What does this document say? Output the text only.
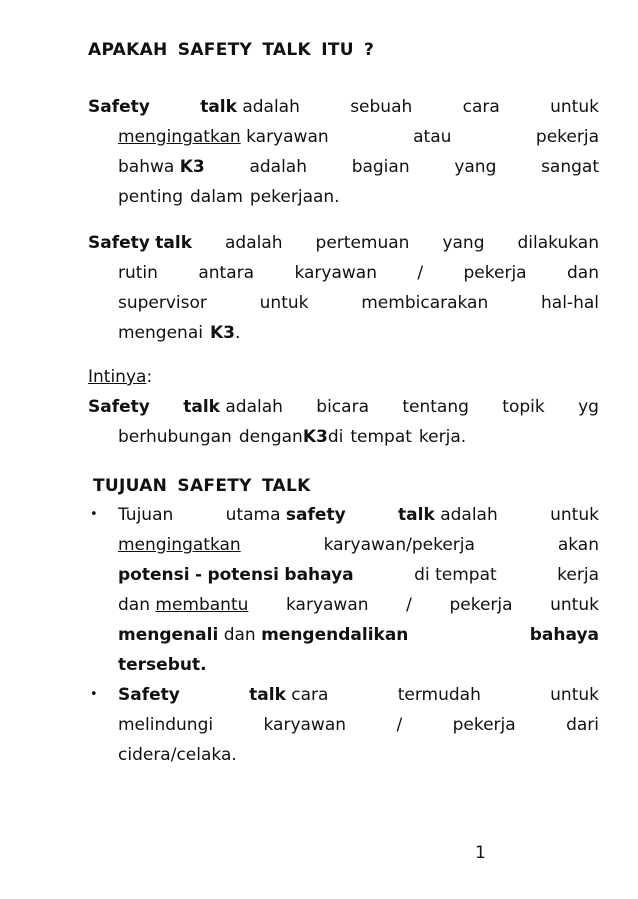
APAKAH SAFETY TALK ITU ?
Safety	talk adalah	sebuah	cara	untuk
mengingatkan karyawan	atau	pekerja
bahwa K3	adalah	bagian	yang	sangat
penting dalam pekerjaan.
Safety talk adalah pertemuan yang dilakukan
rutin antara karyawan / pekerja dan
supervisor	untuk	membicarakan	hal-hal
mengenai K3.
Intinya:
Safety talk adalah bicara tentang topik yg
berhubungan dengan K3 di tempat kerja.
TUJUAN SAFETY TALK
• Tujuan	utama safety	talk adalah	untuk
mengingatkan	karyawan/pekerja	akan
potensi - potensi bahaya	di tempat	kerja
dan membantu karyawan / pekerja untuk
mengenali dan mengendalikan	bahaya
tersebut.
• Safety	talk cara	termudah	untuk
melindungi	karyawan	/	pekerja	dari
cidera/celaka.
1
